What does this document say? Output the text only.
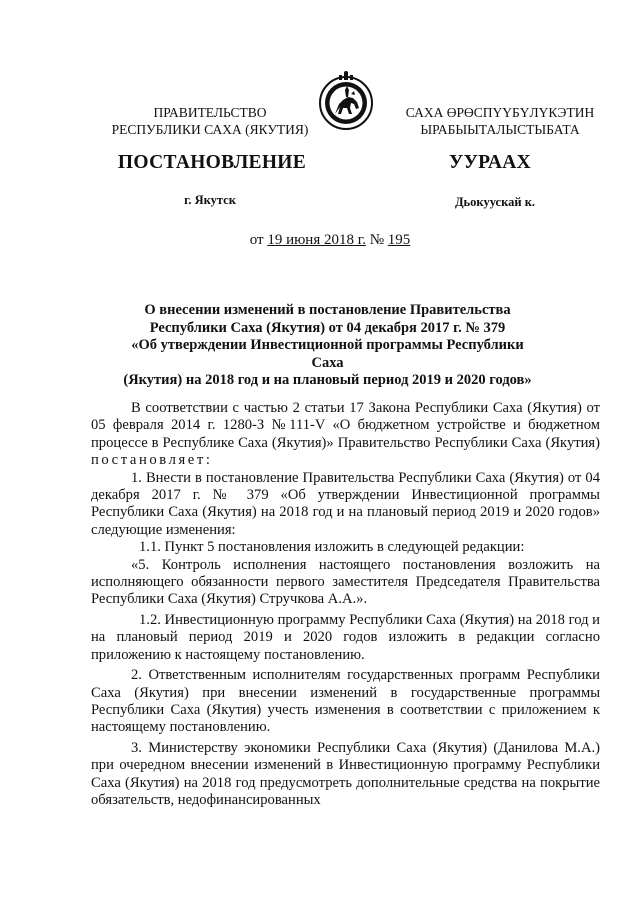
ПРАВИТЕЛЬСТВО
РЕСПУБЛИКИ САХА (ЯКУТИЯ)
САХА ӨРӨСПYYБYЛYКЭТИН
ЫРАБЫЫТАЛЫСТЫБАТА
ПОСТАНОВЛЕНИЕ	УУРААХ
г. Якутск	Дьокуускай к.
от 19 июня 2018 г. № 195
О внесении изменений в постановление Правительства
Республики Саха (Якутия) от 04 декабря 2017 г. № 379
«Об утверждении Инвестиционной программы Республики Саха
(Якутия) на 2018 год и на плановый период 2019 и 2020 годов»

В соответствии с частью 2 статьи 17 Закона Республики Саха (Якутия) от 05 февраля 2014 г. 1280-З №111-V «О бюджетном устройстве и бюджетном процессе в Республике Саха (Якутия)» Правительство Республики Саха (Якутия) постановляет:

1. Внести в постановление Правительства Республики Саха (Якутия) от 04 декабря 2017 г. № 379 «Об утверждении Инвестиционной программы Республики Саха (Якутия) на 2018 год и на плановый период 2019 и 2020 годов» следующие изменения:

1.1. Пункт 5 постановления изложить в следующей редакции:

«5. Контроль исполнения настоящего постановления возложить на исполняющего обязанности первого заместителя Председателя Правительства Республики Саха (Якутия) Стручкова А.А.».

1.2. Инвестиционную программу Республики Саха (Якутия) на 2018 год и на плановый период 2019 и 2020 годов изложить в редакции согласно приложению к настоящему постановлению.

2. Ответственным исполнителям государственных программ Республики Саха (Якутия) при внесении изменений в государственные программы Республики Саха (Якутия) учесть изменения в соответствии с приложением к настоящему постановлению.

3. Министерству экономики Республики Саха (Якутия) (Данилова М.А.) при очередном внесении изменений в Инвестиционную программу Республики Саха (Якутия) на 2018 год предусмотреть дополнительные средства на покрытие обязательств, недофинансированных
